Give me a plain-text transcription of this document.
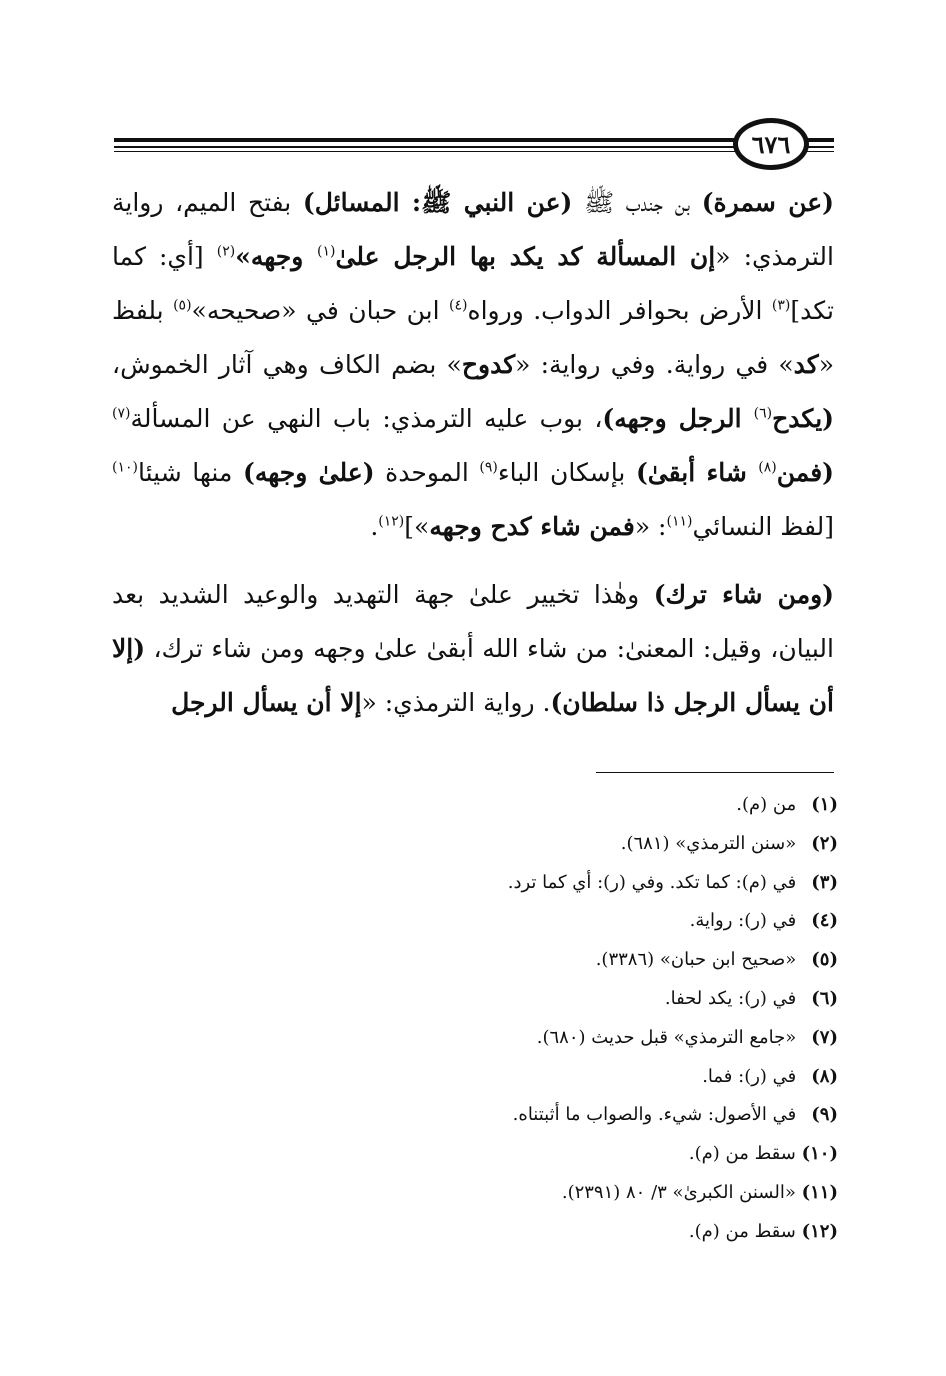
٦٧٦

(عن سمرة) بن جندب ﷺ (عن النبي ﷺ: المسائل) بفتح الميم، رواية الترمذي: «إن المسألة كد يكد بها الرجل علىٰ$^{(١)}$ وجهه»$^{(٢)}$ [أي: كما تكد]$^{(٣)}$ الأرض بحوافر الدواب. ورواه$^{(٤)}$ ابن حبان في «صحيحه»$^{(٥)}$ بلفظ «كد» في رواية. وفي رواية: «كدوح» بضم الكاف وهي آثار الخموش، (يكدح$^{(٦)}$ الرجل وجهه)، بوب عليه الترمذي: باب النهي عن المسألة$^{(٧)}$ (فمن$^{(٨)}$ شاء أبقىٰ) بإسكان الباء$^{(٩)}$ الموحدة (علىٰ وجهه) منها شيئا$^{(١٠)}$ [لفظ النسائي$^{(١١)}$: «فمن شاء كدح وجهه»]$^{(١٢)}$.

(ومن شاء ترك) وهٰذا تخيير علىٰ جهة التهديد والوعيد الشديد بعد البيان، وقيل: المعنىٰ: من شاء الله أبقىٰ علىٰ وجهه ومن شاء ترك، (إلا أن يسأل الرجل ذا سلطان). رواية الترمذي: «إلا أن يسأل الرجل

(١) من (م).
(٢) «سنن الترمذي» (٦٨١).
(٣) في (م): كما تكد. وفي (ر): أي كما ترد.
(٤) في (ر): رواية.
(٥) «صحيح ابن حبان» (٣٣٨٦).
(٦) في (ر): يكد لحفا.
(٧) «جامع الترمذي» قبل حديث (٦٨٠).
(٨) في (ر): فما.
(٩) في الأصول: شيء. والصواب ما أثبتناه.
(١٠) سقط من (م).
(١١) «السنن الكبرىٰ» ٣/ ٨٠ (٢٣٩١).
(١٢) سقط من (م).
